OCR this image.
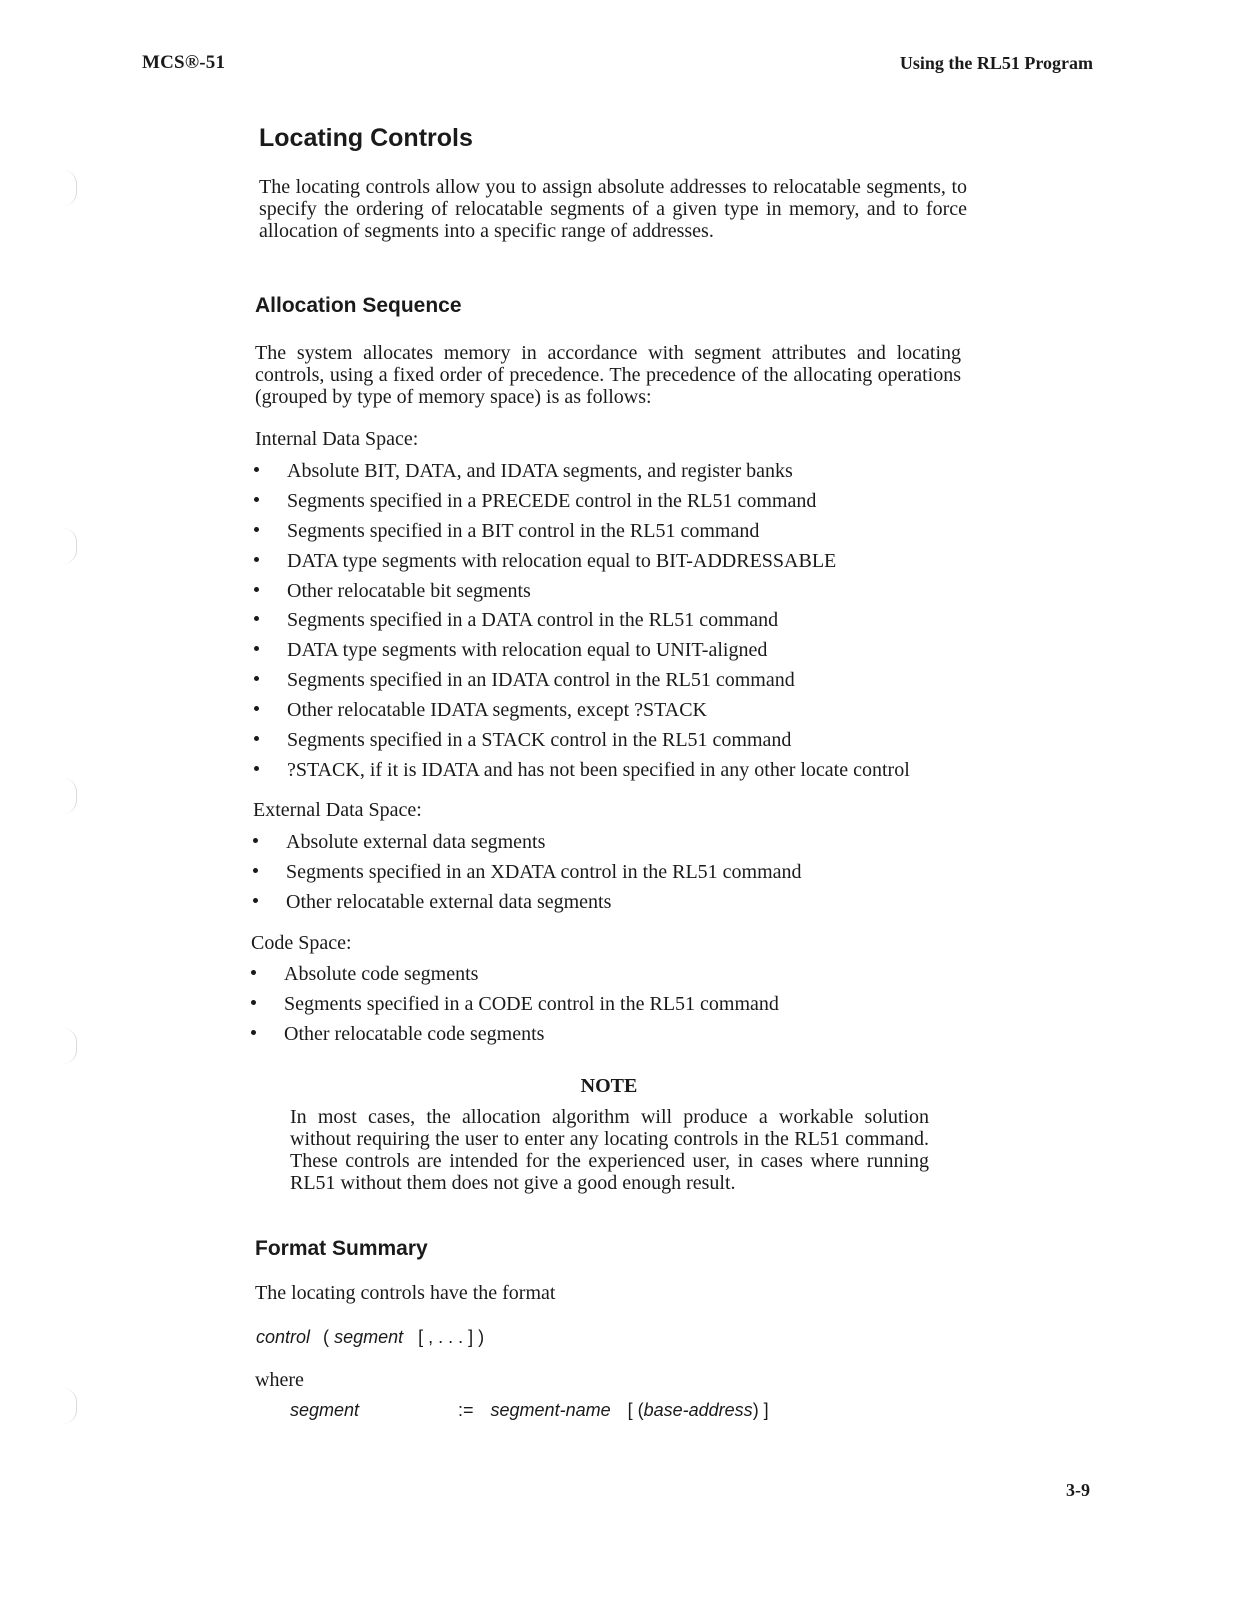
MCS®-51	Using the RL51 Program
Locating Controls

The locating controls allow you to assign absolute addresses to relocatable segments, to specify the ordering of relocatable segments of a given type in memory, and to force allocation of segments into a specific range of addresses.

Allocation Sequence

The system allocates memory in accordance with segment attributes and locating controls, using a fixed order of precedence. The precedence of the allocating operations (grouped by type of memory space) is as follows:

Internal Data Space:
Absolute BIT, DATA, and IDATA segments, and register banks
Segments specified in a PRECEDE control in the RL51 command
Segments specified in a BIT control in the RL51 command
DATA type segments with relocation equal to BIT-ADDRESSABLE
Other relocatable bit segments
Segments specified in a DATA control in the RL51 command
DATA type segments with relocation equal to UNIT-aligned
Segments specified in an IDATA control in the RL51 command
Other relocatable IDATA segments, except ?STACK
Segments specified in a STACK control in the RL51 command
?STACK, if it is IDATA and has not been specified in any other locate control
External Data Space:
Absolute external data segments
Segments specified in an XDATA control in the RL51 command
Other relocatable external data segments
Code Space:
Absolute code segments
Segments specified in a CODE control in the RL51 command
Other relocatable code segments
NOTE

In most cases, the allocation algorithm will produce a workable solution without requiring the user to enter any locating controls in the RL51 command. These controls are intended for the experienced user, in cases where running RL51 without them does not give a good enough result.

Format Summary
The locating controls have the format
control ( segment [ , . . . ] )
where
segment	:= segment-name [ (base-address) ]
3-9
